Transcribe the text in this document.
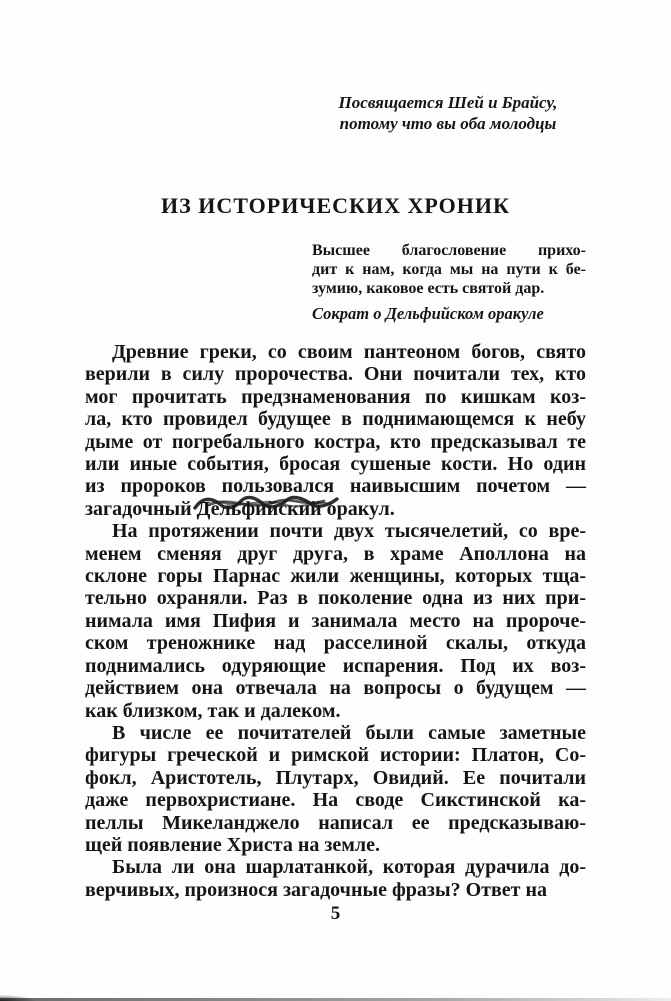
Посвящается Шей и Брайсу,
потому что вы оба молодцы
ИЗ ИСТОРИЧЕСКИХ ХРОНИК
Высшее благословение прихо-
дит к нам, когда мы на пути к бе-
зумию, каковое есть святой дар.
Сократ о Дельфийском оракуле
Древние греки, со своим пантеоном богов, свято
верили в силу пророчества. Они почитали тех, кто
мог прочитать предзнаменования по кишкам коз-
ла, кто провидел будущее в поднимающемся к небу
дыме от погребального костра, кто предсказывал те
или иные события, бросая сушеные кости. Но один
из пророков пользовался наивысшим почетом —
загадочный Дельфийский оракул.
На протяжении почти двух тысячелетий, со вре-
менем сменяя друг друга, в храме Аполлона на
склоне горы Парнас жили женщины, которых тща-
тельно охраняли. Раз в поколение одна из них при-
нимала имя Пифия и занимала место на пророче-
ском треножнике над расселиной скалы, откуда
поднимались одуряющие испарения. Под их воз-
действием она отвечала на вопросы о будущем —
как близком, так и далеком.
В числе ее почитателей были самые заметные
фигуры греческой и римской истории: Платон, Со-
фокл, Аристотель, Плутарх, Овидий. Ее почитали
даже первохристиане. На своде Сикстинской ка-
пеллы Микеланджело написал ее предсказываю-
щей появление Христа на земле.
Была ли она шарлатанкой, которая дурачила до-
верчивых, произнося загадочные фразы? Ответ на
5
